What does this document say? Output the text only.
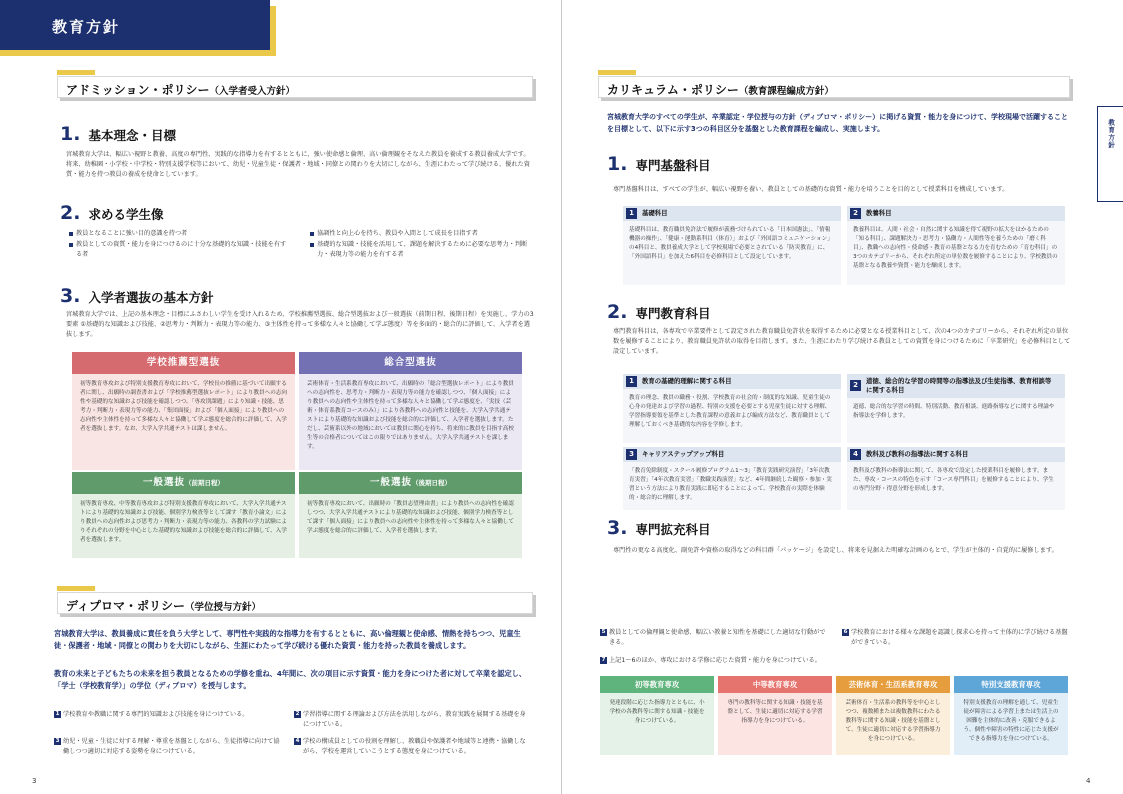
教育方針
アドミッション・ポリシー（入学者受入方針）
1. 基本理念・目標
宮城教育大学は、幅広い視野と教養、高度の専門性、実践的な指導力を有するとともに、強い使命感と倫理、高い倫理観をそなえた教員を養成する教員養成大学です。将来、幼稚園・小学校・中学校・特別支援学校等において、幼児・児童生徒・保護者・地域・同僚との関わりを大切にしながら、生涯にわたって学び続ける、優れた資質・能力を持つ教員の養成を使命としています。
2. 求める学生像
教員となることに強い目的意識を持つ者
教員としての資質・能力を身につけるのに十分な基礎的な知識・技能を有する者
協調性と向上心を持ち、教員や入間として成長を目指す者
基礎的な知識・技能を活用して、課題を解決するために必要な思考力・判断力・表現力等の能力を有する者
3. 入学者選抜の基本方針
宮城教育大学では、上記の基本理念・目標にふさわしい学生を受け入れるため、学校推薦型選抜、総合型選抜および一般選抜（前期日程、後期日程）を実施し、学力の3要素 ①基礎的な知識および技能、②思考力・判断力・表現力等の能力、③主体性を持って多様な人々と協働して学ぶ態度）等を多面的・総合的に評価して、入学者を選抜します。
学校推薦型選抜
初等教育専攻および特別支援教育専攻において、学校長の推薦に基づいて出願する者に関し、出願時の調査書および「学校推薦型選抜レポート」により教員への志向性や基礎的な知識および技能を確認しつつ、「専攻別課題」により知識・技能、思考力・判断力・表現力等の能力、「集団面接」および「個人面接」により教員への志向性や主体性を持って多様な人々と協働して学ぶ態度を総合的に評価して、入学者を選抜します。なお、大学入学共通テストは課しません。
総合型選抜
芸術体育・生活系教育専攻において、出願時の「総合型選抜レポート」により教員への志向性を、思考力・判断力・表現力等の能力を確認しつつ、「個人面接」により教員への志向性や主体性を持って多様な人々と協働して学ぶ態度を、「実技（芸術・体育系教育コースのみ）」により各教科への志向性と技能を、大学入学共通テストにより基礎的な知識および技能を総合的に評価して、入学者を選抜します。ただし、芸術系以外の地域においては教員に関心を持ち、将来的に教員を目指す高校生等の合格者についてはこの限りではありません。大学入学共通テストを課します。
一般選抜（前期日程）
初等教育専攻、中等教育専攻および特別支援教育専攻において、大学入学共通テストにより基礎的な知識および技能、個別学力検査等として課す「教育小論文」により教員への志向性および思考力・判断力・表現力等の能力、各教科の学力試験によりそれぞれの分野を中心とした基礎的な知識および技能を総合的に評価して、入学者を選抜します。
一般選抜（後期日程）
初等教育専攻において、出願時の「教員志望理由書」により教員への志向性を確認しつつ、大学入学共通テストにより基礎的な知識および技能、個別学力検査等として課す「個人面接」により教員への志向性や主体性を持って多様な人々と協働して学ぶ態度を総合的に評価して、入学者を選抜します。
カリキュラム・ポリシー（教育課程編成方針）
宮城教育大学のすべての学生が、卒業認定・学位授与の方針（ディプロマ・ポリシー）に掲げる資質・能力を身につけて、学校現場で活躍することを目標として、以下に示す3つの科目区分を基盤とした教育課程を編成し、実施します。
1. 専門基盤科目
専門基盤科目は、すべての学生が、幅広い視野を養い、教員としての基礎的な資質・能力を培うことを目的として授業科目を構成しています。
1	基礎科目
基礎科目は、教育職員免許法で履修が義務づけられている「日本国憲法」、「情報機器の操作」、「健康・運動系科目（体育）」および「外国語コミュニケーション」の4科目と、教員養成大学として学校現場で必要とされている「防災教育」に、「外国語科目」を加えた6科目を必修科目として設定しています。
2	教養科目
教養科目は、人間・社会・自然に関する知識を得て視野の拡大をはかるための「知る科目」、課題解決力・思考力・協働力・人間性等を養うための「磨く科目」、教職への志向性・使命感・教育の基盤となる力を育むための「育む科目」の3つのカテゴリーから、それぞれ所定の単位数を履修することにより、学校教員の基盤となる教養や資質・能力を醸成します。
2. 専門教育科目
専門教育科目は、各専攻で卒業要件として設定された教育職員免許状を取得するために必要となる授業科目として、次の4つのカテゴリーから、それぞれ所定の単位数を履修することにより、教育職員免許状の取得を目指します。また、生涯にわたり学び続ける教員としての資質を身につけるために「卒業研究」を必修科目として設定しています。
1	教育の基礎的理解に関する科目
教育の理念、教員の職務・役割、学校教育の社会的・制度的な知識、児童生徒の心身の発達および学習の過程、特別の支援を必要とする児童生徒に対する理解、学習指導要領を基準とした教育課程の意義および編成方法など、教育職員として理解しておくべき基礎的な内容を学修します。
2	道徳、総合的な学習の時間等の指導法及び生徒指導、教育相談等に関する科目
道徳、総合的な学習の時間、特別活動、教育相談、進路指導などに関する理論や指導法を学修します。
3	キャリアステップアップ科目
「教育免除制度・スクール履修プログラム1～3」「教育実践研究演習」「3年次教育実習」「4年次教育実習」「教職実践演習」など、4年間継続した観察・参加・実習という方法により教育実践に即応することによって、学校教育の実際を体験的・総合的に理解します。
4	教科及び教科の指導法に関する科目
教科及び教科の指導法に関して、各専攻で設定した授業科目を履修します。また、専攻・コースの特色を示す「コース専門科目」を履修することにより、学生の専門分野・得意分野を形成します。
3. 専門拡充科目
専門性の更なる高度化、副免許や資格の取得などの科目群「パッケージ」を設定し、将来を見据えた明確な計画のもとで、学生が主体的・自覚的に履修します。
教育方針
ディプロマ・ポリシー（学位授与方針）
宮城教育大学は、教員養成に責任を負う大学として、専門性や実践的な指導力を有するとともに、高い倫理観と使命感、情熱を持ちつつ、児童生徒・保護者・地域・同僚との関わりを大切にしながら、生涯にわたって学び続ける優れた資質・能力を持った教員を養成します。
教育の未来と子どもたちの未来を担う教員となるための学修を重ね、4年間に、次の項目に示す資質・能力を身につけた者に対して卒業を認定し、「学士（学校教育学）」の学位（ディプロマ）を授与します。
1 学校教育や教職に関する専門的知識および技能を身につけている。	2 学習指導に関する理論および方法を活用しながら、教育実践を展開する基礎を身につけている。
3 幼児・児童・生徒に対する理解・尊重を基盤としながら、生徒指導に向けて協働しつつ適切に対応する姿勢を身につけている。
4 学校の構成員としての役割を理解し、教職員や保護者や地域等と連携・協働しながら、学校を運営していこうとする態度を身につけている。
5 教員としての倫理観と使命感、幅広い教養と知性を基礎にした適切な行動ができる。
6 学校教育における様々な課題を認識し探求心を持って主体的に学び続ける基盤ができている。
7 上記1～6のほか、専攻における学修に応じた資質・能力を身につけている。
初等教育専攻
発達段階に応じた指導力とともに、小学校の各教科等に関する知識・技能を身につけている。
中等教育専攻
専門の教科等に関する知識・技能を基盤として、生徒に適切に対応する学習指導力を身につけている。
芸術体育・生活系教育専攻
芸術体育・生活系の教科等を中心としつつ、複数種または複数教科にわたる教科等に関する知識・技能を基盤として、生徒に適切に対応する学習指導力を身につけている。
特別支援教育専攻
特別支援教育の理解を通して、児童生徒が障害による学習上または生活上の困難を主体的に改善・克服できるよう、個性や障害の特性に応じた支援ができる指導力を身につけている。
3	4
